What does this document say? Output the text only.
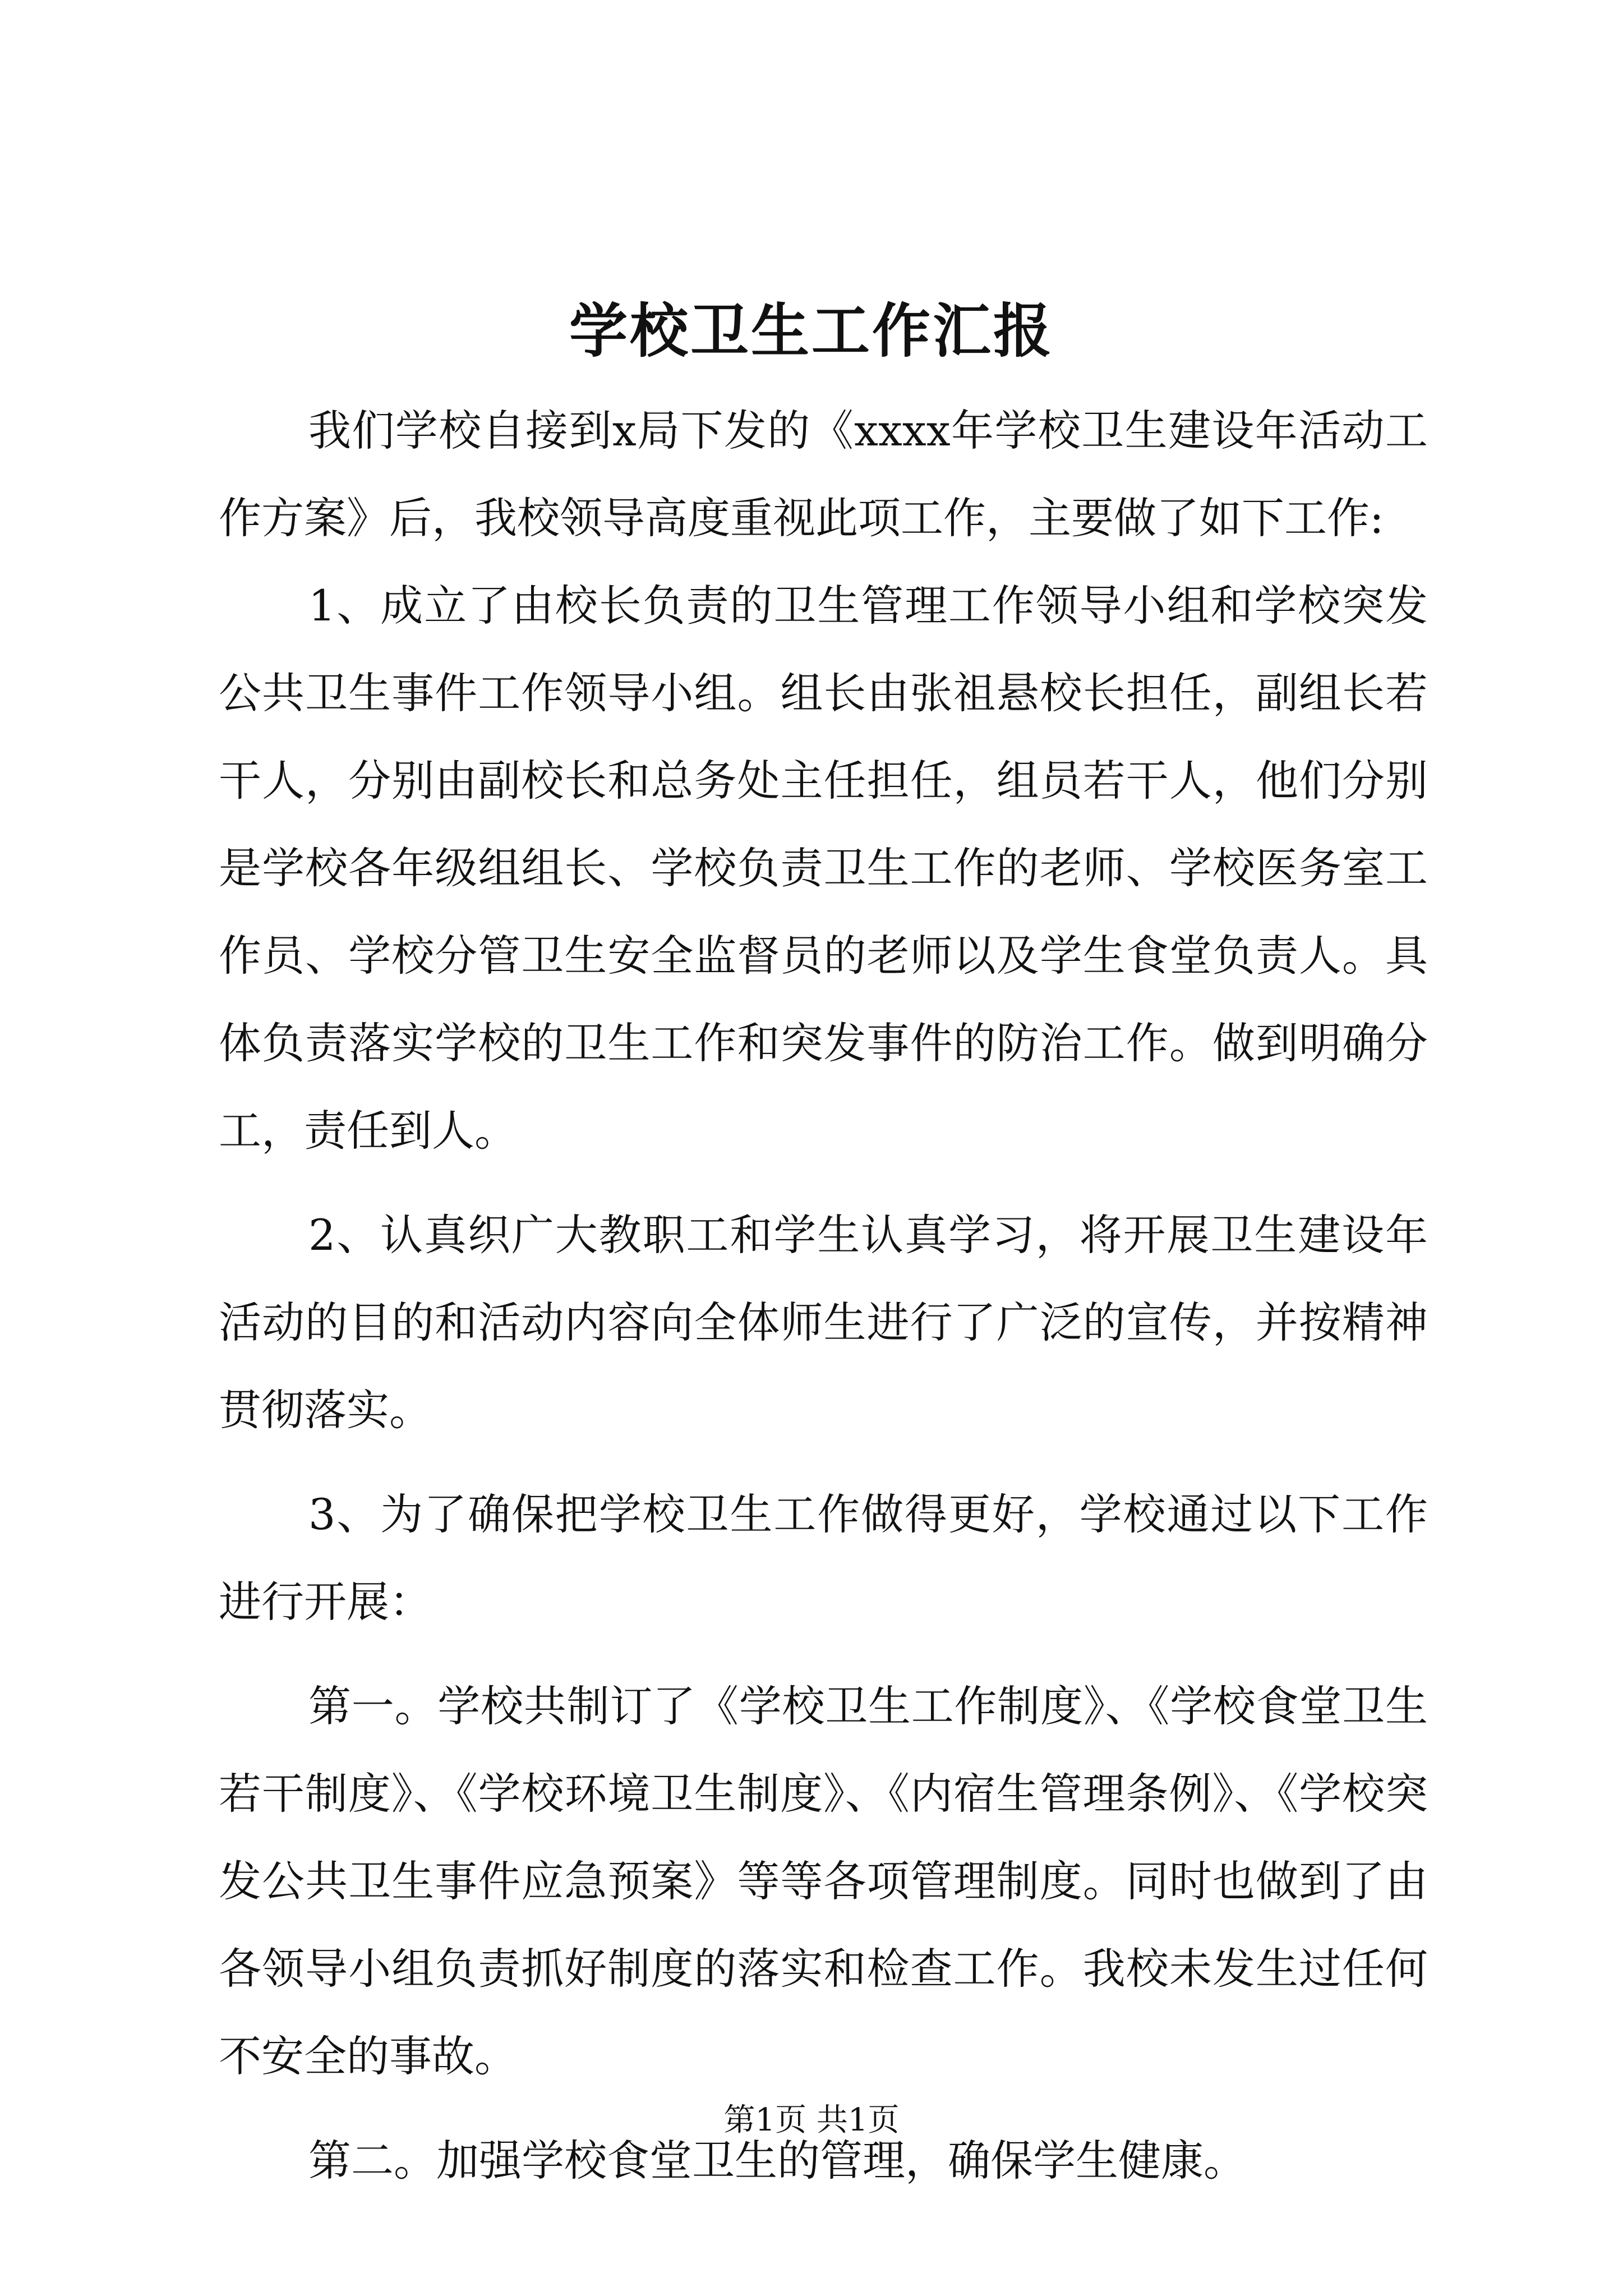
学校卫生工作汇报

我们学校自接到x局下发的《xxxx年学校卫生建设年活动工作方案》后，我校领导高度重视此项工作，主要做了如下工作:

1、成立了由校长负责的卫生管理工作领导小组和学校突发公共卫生事件工作领导小组。组长由张祖悬校长担任，副组长若干人，分别由副校长和总务处主任担任，组员若干人，他们分别是学校各年级组组长、学校负责卫生工作的老师、学校医务室工作员、学校分管卫生安全监督员的老师以及学生食堂负责人。具体负责落实学校的卫生工作和突发事件的防治工作。做到明确分工，责任到人。

2、认真织广大教职工和学生认真学习，将开展卫生建设年活动的目的和活动内容向全体师生进行了广泛的宣传，并按精神贯彻落实。

3、为了确保把学校卫生工作做得更好，学校通过以下工作进行开展：

第一。学校共制订了《学校卫生工作制度》、《学校食堂卫生若干制度》、《学校环境卫生制度》、《内宿生管理条例》、《学校突发公共卫生事件应急预案》等等各项管理制度。同时也做到了由各领导小组负责抓好制度的落实和检查工作。我校未发生过任何不安全的事故。

第二。加强学校食堂卫生的管理，确保学生健康。

第1页 共1页
